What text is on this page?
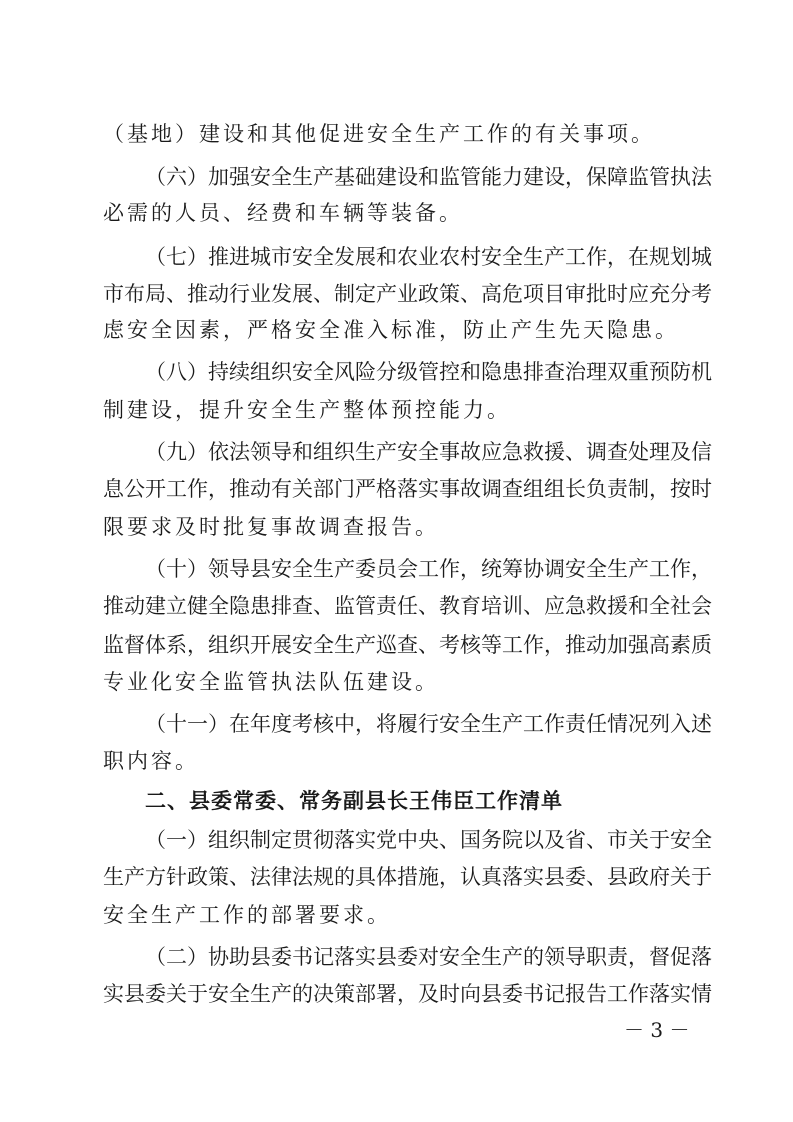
（基地）建设和其他促进安全生产工作的有关事项。
（ 六 ） 加 强 安 全 生 产 基 础 建 设 和 监 管 能 力 建 设 ， 保 障 监 管 执 法
必需的人员、经费和车辆等装备。
（ 七 ） 推 进 城 市 安 全 发 展 和 农 业 农 村 安 全 生 产 工 作 ， 在 规 划 城
市 布 局 、 推 动 行 业 发 展 、 制 定 产 业 政 策 、 高 危 项 目 审 批 时 应 充 分 考
虑安全因素，严格安全准入标准，防止产生先天隐患。
（ 八 ） 持 续 组 织 安 全 风 险 分 级 管 控 和 隐 患 排 查 治 理 双 重 预 防 机
制建设，提升安全生产整体预控能力。
（ 九 ） 依 法 领 导 和 组 织 生 产 安 全 事 故 应 急 救 援 、 调 查 处 理 及 信
息 公 开 工 作 ， 推 动 有 关 部 门 严 格 落 实 事 故 调 查 组 组 长 负 责 制 ， 按 时
限要求及时批复事故调查报告。
（ 十 ） 领 导 县 安 全 生 产 委 员 会 工 作 ， 统 筹 协 调 安 全 生 产 工 作 ，
推 动 建 立 健 全 隐 患 排 查 、 监 管 责 任 、 教 育 培 训 、 应 急 救 援 和 全 社 会
监 督 体 系 ， 组 织 开 展 安 全 生 产 巡 查 、 考 核 等 工 作 ， 推 动 加 强 高 素 质
专业化安全监管执法队伍建设。
（ 十 一 ） 在 年 度 考 核 中 ， 将 履 行 安 全 生 产 工 作 责 任 情 况 列 入 述
职内容。
二、县委常委、常务副县长王伟臣工作清单
（ 一 ） 组 织 制 定 贯 彻 落 实 党 中 央 、 国 务 院 以 及 省 、 市 关 于 安 全
生 产 方 针 政 策 、 法 律 法 规 的 具 体 措 施 ， 认 真 落 实 县 委 、 县 政 府 关 于
安全生产工作的部署要求。
（ 二 ） 协 助 县 委 书 记 落 实 县 委 对 安 全 生 产 的 领 导 职 责 ， 督 促 落
实 县 委 关 于 安 全 生 产 的 决 策 部 署 ， 及 时 向 县 委 书 记 报 告 工 作 落 实 情
－ 3 －
